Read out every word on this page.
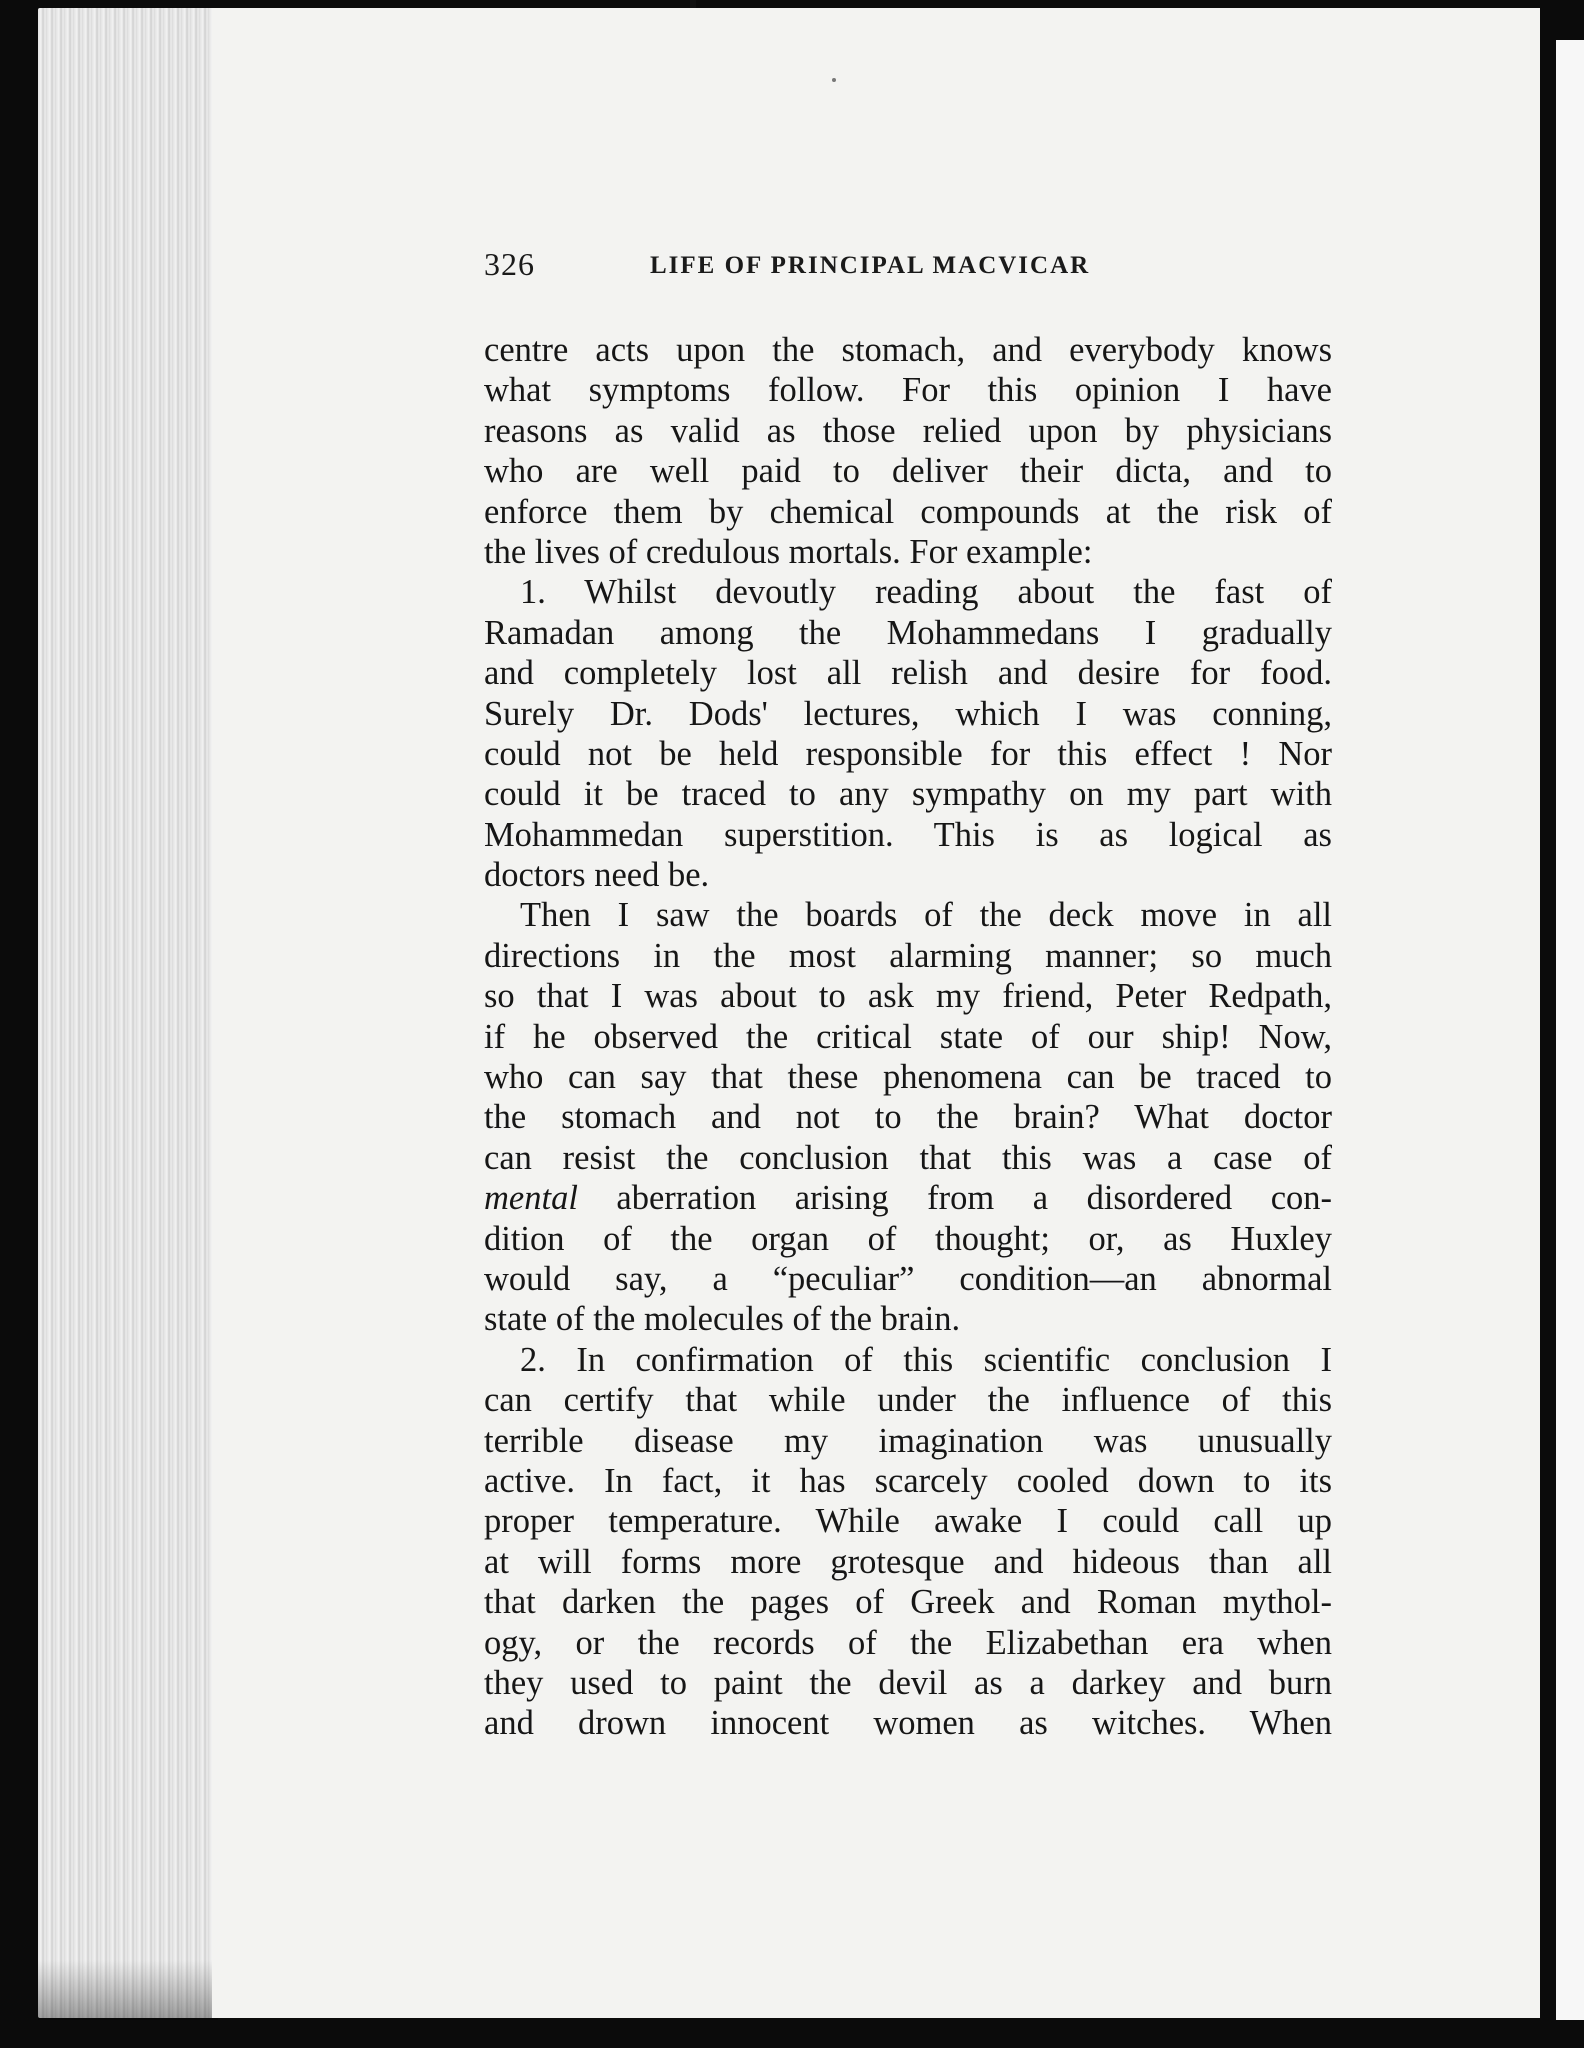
326	LIFE OF PRINCIPAL MACVICAR
centre acts upon the stomach, and everybody knows
what symptoms follow. For this opinion I have
reasons as valid as those relied upon by physicians
who are well paid to deliver their dicta, and to
enforce them by chemical compounds at the risk of
the lives of credulous mortals. For example:
1. Whilst devoutly reading about the fast of
Ramadan among the Mohammedans I gradually
and completely lost all relish and desire for food.
Surely Dr. Dods' lectures, which I was conning,
could not be held responsible for this effect ! Nor
could it be traced to any sympathy on my part with
Mohammedan superstition. This is as logical as
doctors need be.
Then I saw the boards of the deck move in all
directions in the most alarming manner; so much
so that I was about to ask my friend, Peter Redpath,
if he observed the critical state of our ship! Now,
who can say that these phenomena can be traced to
the stomach and not to the brain? What doctor
can resist the conclusion that this was a case of
mental aberration arising from a disordered con-
dition of the organ of thought; or, as Huxley
would say, a “peculiar” condition—an abnormal
state of the molecules of the brain.
2. In confirmation of this scientific conclusion I
can certify that while under the influence of this
terrible disease my imagination was unusually
active. In fact, it has scarcely cooled down to its
proper temperature. While awake I could call up
at will forms more grotesque and hideous than all
that darken the pages of Greek and Roman mythol-
ogy, or the records of the Elizabethan era when
they used to paint the devil as a darkey and burn
and drown innocent women as witches. When
